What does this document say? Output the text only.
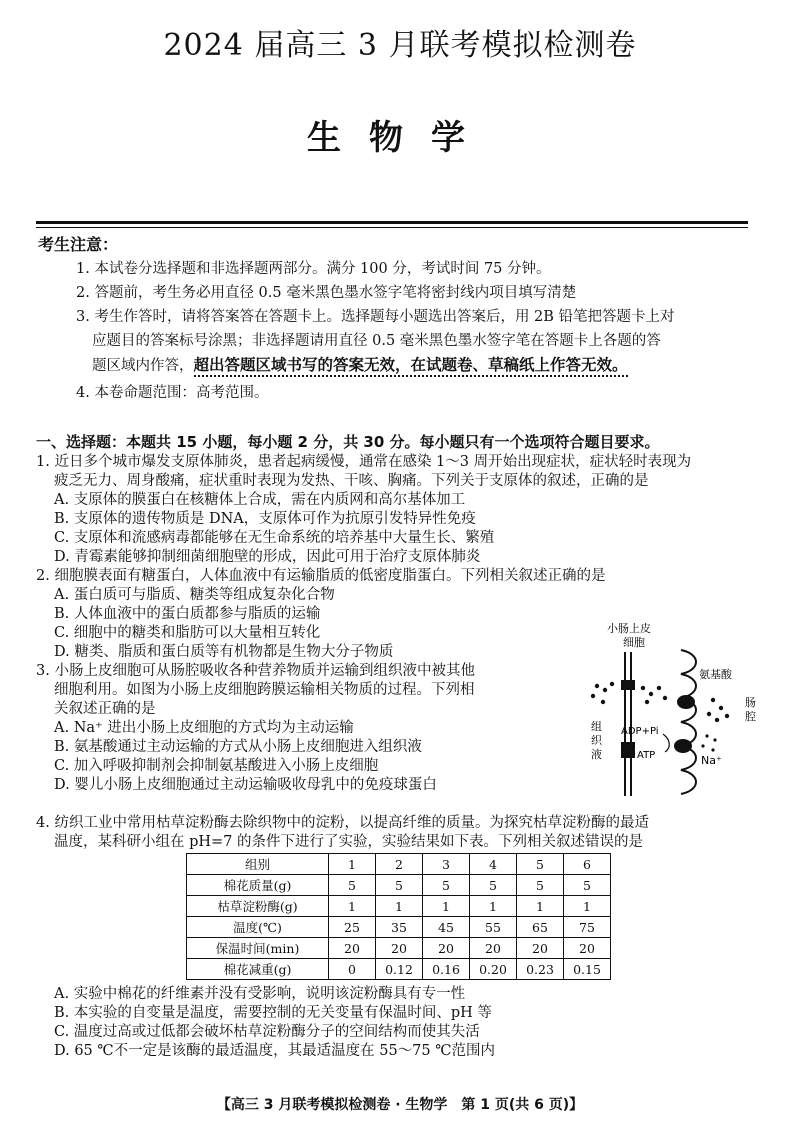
2024 届高三 3 月联考模拟检测卷
生物学
考生注意：
1. 本试卷分选择题和非选择题两部分。满分 100 分，考试时间 75 分钟。
2. 答题前，考生务必用直径 0.5 毫米黑色墨水签字笔将密封线内项目填写清楚
3. 考生作答时，请将答案答在答题卡上。选择题每小题选出答案后，用 2B 铅笔把答题卡上对
应题目的答案标号涂黑；非选择题请用直径 0.5 毫米黑色墨水签字笔在答题卡上各题的答
题区域内作答，超出答题区域书写的答案无效，在试题卷、草稿纸上作答无效。
4. 本卷命题范围：高考范围。
一、选择题：本题共 15 小题，每小题 2 分，共 30 分。每小题只有一个选项符合题目要求。
1. 近日多个城市爆发支原体肺炎，患者起病缓慢，通常在感染 1～3 周开始出现症状，症状轻时表现为
疲乏无力、周身酸痛，症状重时表现为发热、干咳、胸痛。下列关于支原体的叙述，正确的是
A. 支原体的膜蛋白在核糖体上合成，需在内质网和高尔基体加工
B. 支原体的遗传物质是 DNA，支原体可作为抗原引发特异性免疫
C. 支原体和流感病毒都能够在无生命系统的培养基中大量生长、繁殖
D. 青霉素能够抑制细菌细胞壁的形成，因此可用于治疗支原体肺炎
2. 细胞膜表面有糖蛋白，人体血液中有运输脂质的低密度脂蛋白。下列相关叙述正确的是
A. 蛋白质可与脂质、糖类等组成复杂化合物
B. 人体血液中的蛋白质都参与脂质的运输
C. 细胞中的糖类和脂肪可以大量相互转化
D. 糖类、脂质和蛋白质等有机物都是生物大分子物质
3. 小肠上皮细胞可从肠腔吸收各种营养物质并运输到组织液中被其他
细胞利用。如图为小肠上皮细胞跨膜运输相关物质的过程。下列相
关叙述正确的是
A. Na⁺ 进出小肠上皮细胞的方式均为主动运输
B. 氨基酸通过主动运输的方式从小肠上皮细胞进入组织液
C. 加入呼吸抑制剂会抑制氨基酸进入小肠上皮细胞
D. 婴儿小肠上皮细胞通过主动运输吸收母乳中的免疫球蛋白
小肠上皮
细胞
氨基酸
肠
腔
组
织
液
ADP+Pi
ATP	Na⁺
4. 纺织工业中常用枯草淀粉酶去除织物中的淀粉，以提高纤维的质量。为探究枯草淀粉酶的最适
温度，某科研小组在 pH=7 的条件下进行了实验，实验结果如下表。下列相关叙述错误的是
组别	1	2	3	4	5	6
棉花质量(g)	5	5	5	5	5	5
枯草淀粉酶(g)	1	1	1	1	1	1
温度(℃)	25	35	45	55	65	75
保温时间(min)	20	20	20	20	20	20
棉花减重(g)	0	0.12	0.16	0.20	0.23	0.15
A. 实验中棉花的纤维素并没有受影响，说明该淀粉酶具有专一性
B. 本实验的自变量是温度，需要控制的无关变量有保温时间、pH 等
C. 温度过高或过低都会破坏枯草淀粉酶分子的空间结构而使其失活
D. 65 ℃不一定是该酶的最适温度，其最适温度在 55～75 ℃范围内
【高三 3 月联考模拟检测卷 · 生物学　第 1 页(共 6 页)】
